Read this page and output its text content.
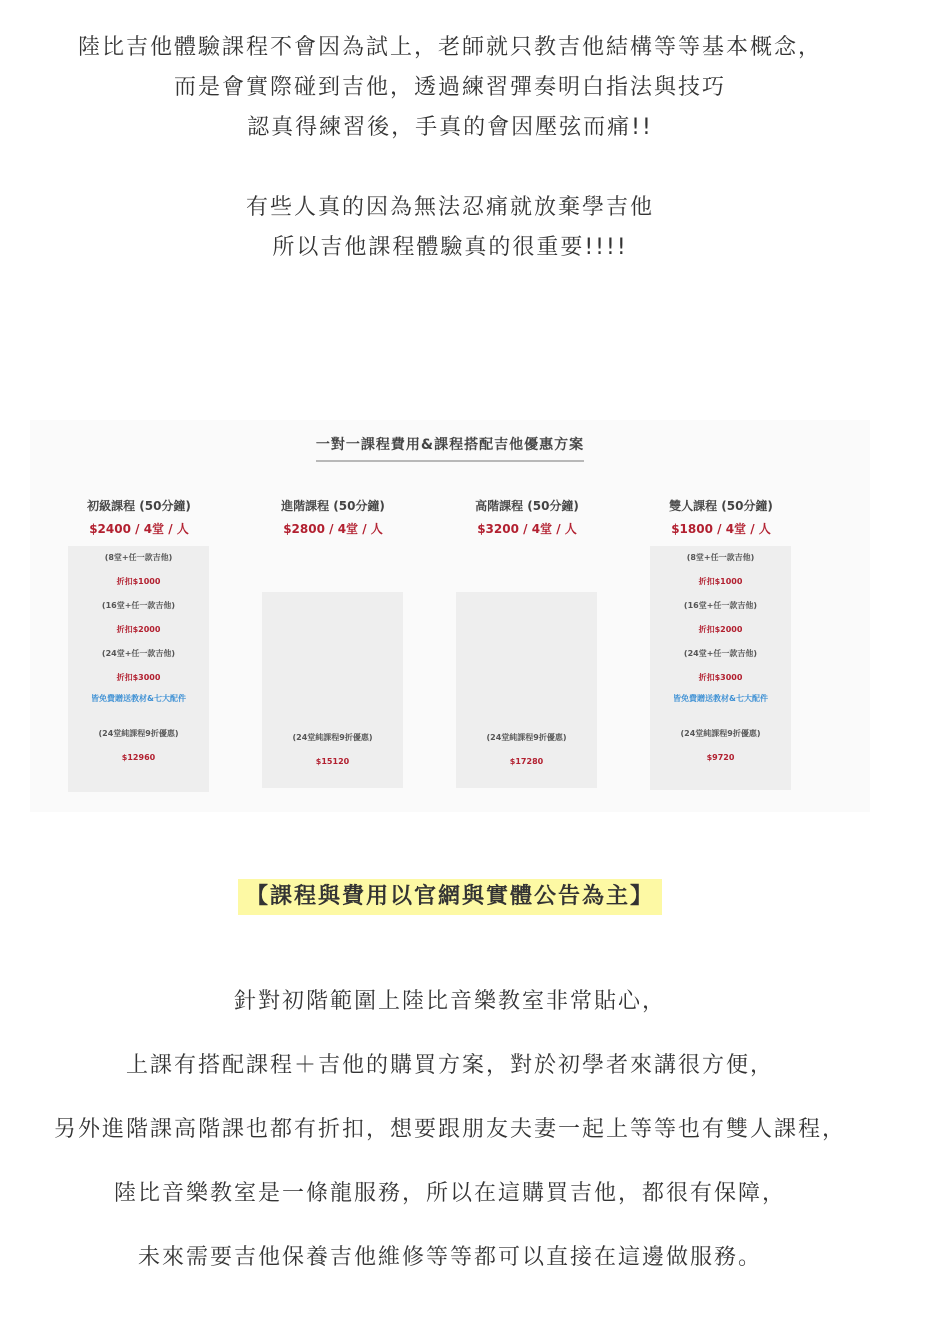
陸比吉他體驗課程不會因為試上，老師就只教吉他結構等等基本概念，

而是會實際碰到吉他，透過練習彈奏明白指法與技巧

認真得練習後，手真的會因壓弦而痛!!

有些人真的因為無法忍痛就放棄學吉他

所以吉他課程體驗真的很重要!!!!

一對一課程費用&課程搭配吉他優惠方案
初級課程 (50分鐘)
$2400 / 4堂 / 人
(8堂+任一款吉他)
折扣$1000
(16堂+任一款吉他)
折扣$2000
(24堂+任一款吉他)
折扣$3000
皆免費贈送教材&七大配件
(24堂純課程9折優惠)
$12960
進階課程 (50分鐘)
$2800 / 4堂 / 人
(24堂純課程9折優惠)
$15120
高階課程 (50分鐘)
$3200 / 4堂 / 人
(24堂純課程9折優惠)
$17280
雙人課程 (50分鐘)
$1800 / 4堂 / 人
(8堂+任一款吉他)
折扣$1000
(16堂+任一款吉他)
折扣$2000
(24堂+任一款吉他)
折扣$3000
皆免費贈送教材&七大配件
(24堂純課程9折優惠)
$9720
【課程與費用以官網與實體公告為主】

針對初階範圍上陸比音樂教室非常貼心，

上課有搭配課程＋吉他的購買方案，對於初學者來講很方便，

另外進階課高階課也都有折扣，想要跟朋友夫妻一起上等等也有雙人課程，

陸比音樂教室是一條龍服務，所以在這購買吉他，都很有保障，

未來需要吉他保養吉他維修等等都可以直接在這邊做服務。
